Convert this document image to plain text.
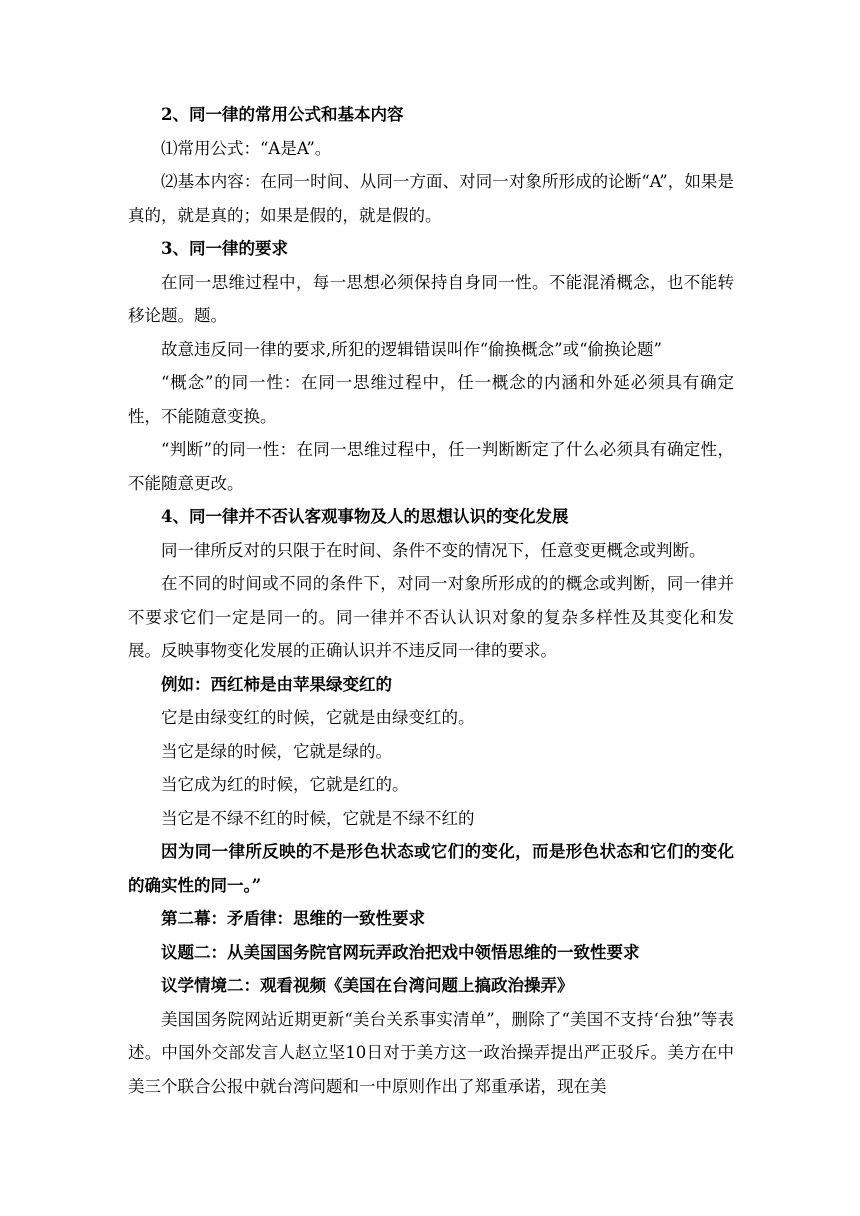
2、同一律的常用公式和基本内容

⑴常用公式：“A是A”。

⑵基本内容：在同一时间、从同一方面、对同一对象所形成的论断“A”，如果是真的，就是真的；如果是假的，就是假的。

3、同一律的要求

在同一思维过程中，每一思想必须保持自身同一性。不能混淆概念，也不能转移论题。题。

故意违反同一律的要求,所犯的逻辑错误叫作“偷换概念”或“偷换论题”

“概念”的同一性：在同一思维过程中，任一概念的内涵和外延必须具有确定性，不能随意变换。

“判断”的同一性：在同一思维过程中，任一判断断定了什么必须具有确定性，不能随意更改。

4、同一律并不否认客观事物及人的思想认识的变化发展

同一律所反对的只限于在时间、条件不变的情况下，任意变更概念或判断。

在不同的时间或不同的条件下，对同一对象所形成的的概念或判断，同一律并不要求它们一定是同一的。同一律并不否认认识对象的复杂多样性及其变化和发展。反映事物变化发展的正确认识并不违反同一律的要求。

例如：西红柿是由苹果绿变红的

它是由绿变红的时候，它就是由绿变红的。

当它是绿的时候，它就是绿的。

当它成为红的时候，它就是红的。

当它是不绿不红的时候，它就是不绿不红的

因为同一律所反映的不是形色状态或它们的变化，而是形色状态和它们的变化的确实性的同一。”

第二幕：矛盾律：思维的一致性要求

议题二：从美国国务院官网玩弄政治把戏中领悟思维的一致性要求

议学情境二：观看视频《美国在台湾问题上搞政治操弄》

美国国务院网站近期更新“美台关系事实清单”，删除了“美国不支持‘台独”等表述。中国外交部发言人赵立坚10日对于美方这一政治操弄提出严正驳斥。美方在中美三个联合公报中就台湾问题和一中原则作出了郑重承诺，现在美
